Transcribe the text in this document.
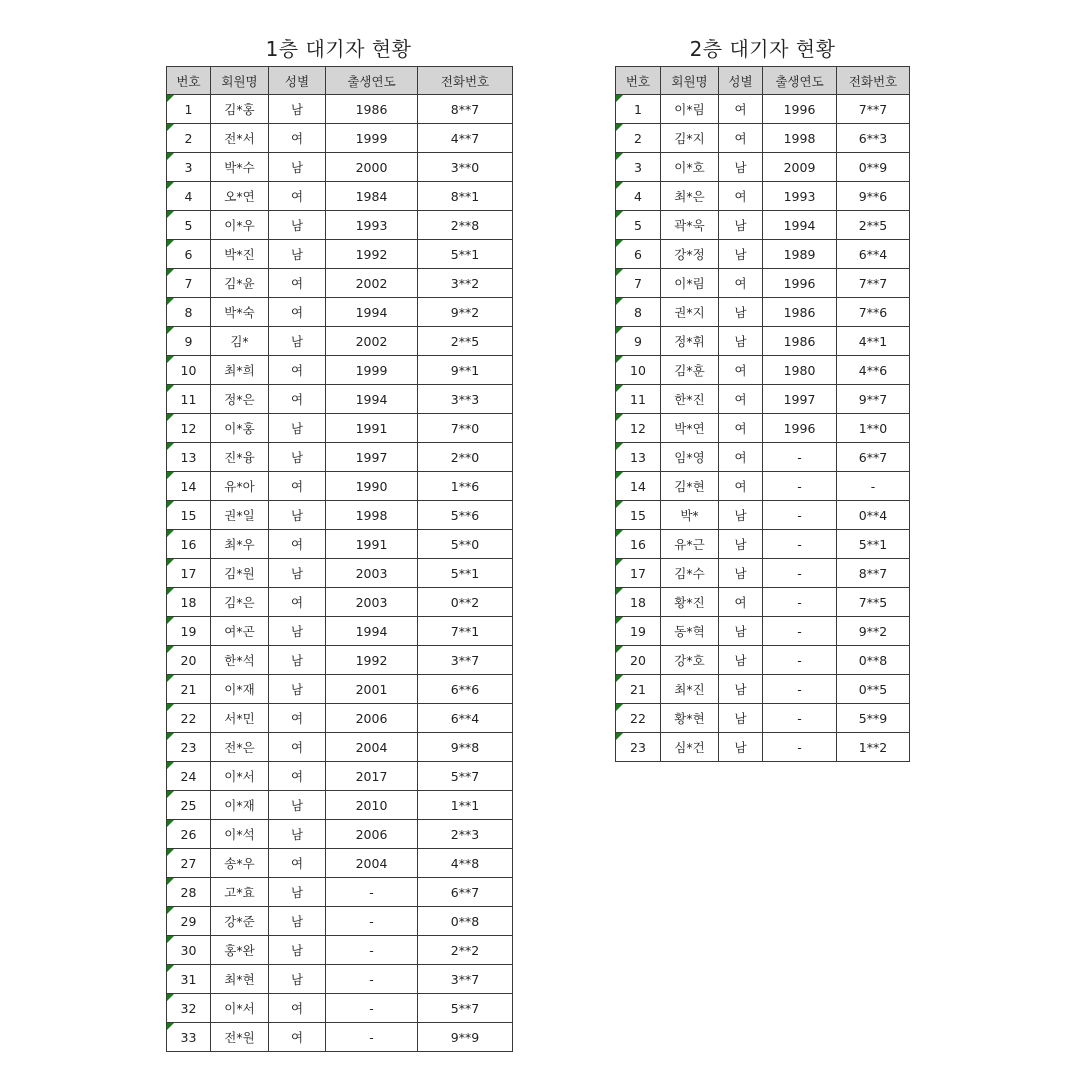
1층 대기자 현황
번호	회원명	성별	출생연도	전화번호
1	김*홍	남	1986	8**7
2	전*서	여	1999	4**7
3	박*수	남	2000	3**0
4	오*연	여	1984	8**1
5	이*우	남	1993	2**8
6	박*진	남	1992	5**1
7	김*윤	여	2002	3**2
8	박*숙	여	1994	9**2
9	김*	남	2002	2**5
10	최*희	여	1999	9**1
11	정*은	여	1994	3**3
12	이*홍	남	1991	7**0
13	진*융	남	1997	2**0
14	유*아	여	1990	1**6
15	권*일	남	1998	5**6
16	최*우	여	1991	5**0
17	김*원	남	2003	5**1
18	김*은	여	2003	0**2
19	여*곤	남	1994	7**1
20	한*석	남	1992	3**7
21	이*재	남	2001	6**6
22	서*민	여	2006	6**4
23	전*은	여	2004	9**8
24	이*서	여	2017	5**7
25	이*재	남	2010	1**1
26	이*석	남	2006	2**3
27	송*우	여	2004	4**8
28	고*효	남	-	6**7
29	강*준	남	-	0**8
30	홍*완	남	-	2**2
31	최*현	남	-	3**7
32	이*서	여	-	5**7
33	전*원	여	-	9**9
2층 대기자 현황
번호	회원명	성별	출생연도	전화번호
1	이*림	여	1996	7**7
2	김*지	여	1998	6**3
3	이*호	남	2009	0**9
4	최*은	여	1993	9**6
5	곽*욱	남	1994	2**5
6	강*정	남	1989	6**4
7	이*림	여	1996	7**7
8	권*지	남	1986	7**6
9	정*휘	남	1986	4**1
10	김*훈	여	1980	4**6
11	한*진	여	1997	9**7
12	박*연	여	1996	1**0
13	임*영	여	-	6**7
14	김*현	여	-	-
15	박*	남	-	0**4
16	유*근	남	-	5**1
17	김*수	남	-	8**7
18	황*진	여	-	7**5
19	동*혁	남	-	9**2
20	강*호	남	-	0**8
21	최*진	남	-	0**5
22	황*현	남	-	5**9
23	심*건	남	-	1**2
